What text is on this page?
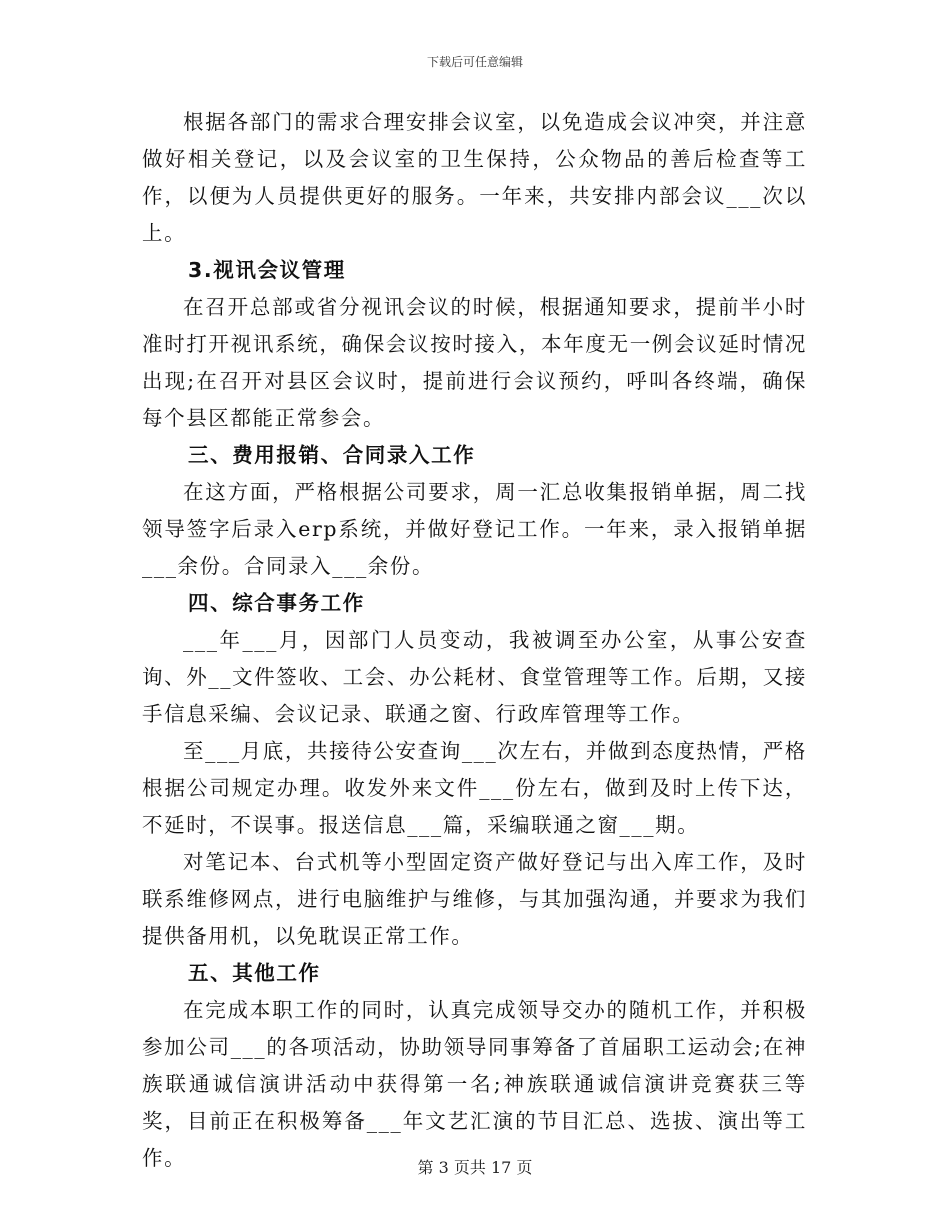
下载后可任意编辑

根据各部门的需求合理安排会议室，以免造成会议冲突，并注意做好相关登记，以及会议室的卫生保持，公众物品的善后检查等工作，以便为人员提供更好的服务。一年来，共安排内部会议___次以上。

3.视讯会议管理

在召开总部或省分视讯会议的时候，根据通知要求，提前半小时准时打开视讯系统，确保会议按时接入，本年度无一例会议延时情况出现;在召开对县区会议时，提前进行会议预约，呼叫各终端，确保每个县区都能正常参会。

三、费用报销、合同录入工作

在这方面，严格根据公司要求，周一汇总收集报销单据，周二找领导签字后录入erp系统，并做好登记工作。一年来，录入报销单据___余份。合同录入___余份。

四、综合事务工作

___年___月，因部门人员变动，我被调至办公室，从事公安查询、外__文件签收、工会、办公耗材、食堂管理等工作。后期，又接手信息采编、会议记录、联通之窗、行政库管理等工作。

至___月底，共接待公安查询___次左右，并做到态度热情，严格根据公司规定办理。收发外来文件___份左右，做到及时上传下达，不延时，不误事。报送信息___篇，采编联通之窗___期。

对笔记本、台式机等小型固定资产做好登记与出入库工作，及时联系维修网点，进行电脑维护与维修，与其加强沟通，并要求为我们提供备用机，以免耽误正常工作。

五、其他工作

在完成本职工作的同时，认真完成领导交办的随机工作，并积极参加公司___的各项活动，协助领导同事筹备了首届职工运动会;在神族联通诚信演讲活动中获得第一名;神族联通诚信演讲竞赛获三等奖，目前正在积极筹备___年文艺汇演的节目汇总、选拔、演出等工作。	第 3 页共 17 页
